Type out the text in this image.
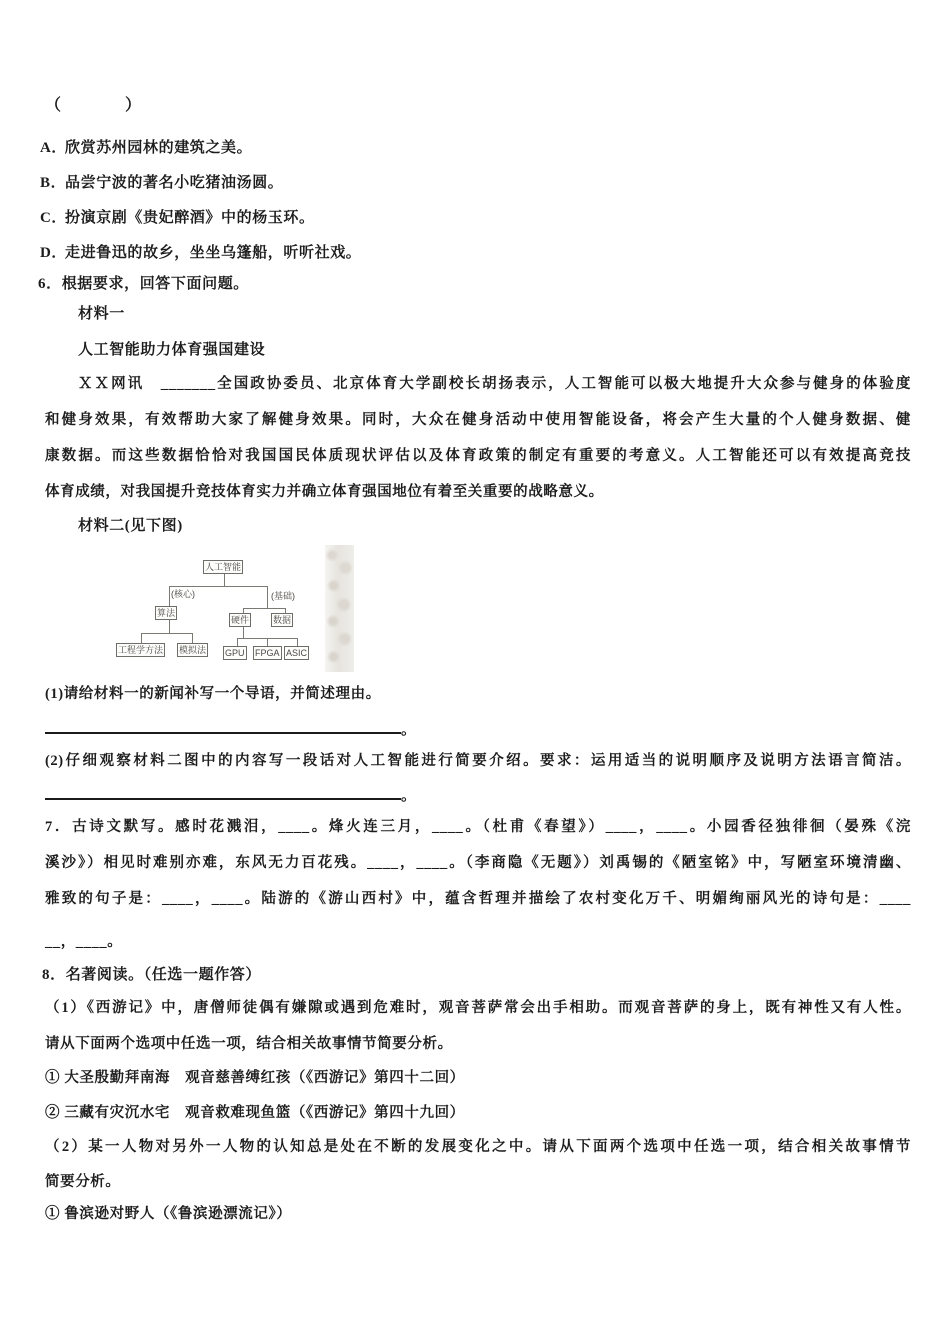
（　　　　）
A．欣赏苏州园林的建筑之美。
B．品尝宁波的著名小吃猪油汤圆。
C．扮演京剧《贵妃醉酒》中的杨玉环。
D．走进鲁迅的故乡，坐坐乌篷船，听听社戏。
6．根据要求，回答下面问题。
材料一
人工智能助力体育强国建设
ＸＸ网讯　_______全国政协委员、北京体育大学副校长胡扬表示，人工智能可以极大地提升大众参与健身的体验度
和健身效果，有效帮助大家了解健身效果。同时，大众在健身活动中使用智能设备，将会产生大量的个人健身数据、健
康数据。而这些数据恰恰对我国国民体质现状评估以及体育政策的制定有重要的考意义。人工智能还可以有效提高竞技
体育成绩，对我国提升竞技体育实力并确立体育强国地位有着至关重要的战略意义。
材料二(见下图)
人工智能
(核心)	(基础)
算法
硬件	数据
工程学方法 模拟法 GPU FPGA ASIC
(1)请给材料一的新闻补写一个导语，并简述理由。
。
(2)仔细观察材料二图中的内容写一段话对人工智能进行简要介绍。要求：运用适当的说明顺序及说明方法语言简洁。
。
7．古诗文默写。感时花溅泪，____。烽火连三月，____。（杜甫《春望》）____，____。小园香径独徘徊（晏殊《浣
溪沙》）相见时难别亦难，东风无力百花残。____，____。（李商隐《无题》）刘禹锡的《陋室铭》中，写陋室环境清幽、
雅致的句子是：____，____。陆游的《游山西村》中，蕴含哲理并描绘了农村变化万千、明媚绚丽风光的诗句是：____
__，____。
8．名著阅读。（任选一题作答）
（1）《西游记》中，唐僧师徒偶有嫌隙或遇到危难时，观音菩萨常会出手相助。而观音菩萨的身上，既有神性又有人性。
请从下面两个选项中任选一项，结合相关故事情节简要分析。
① 大圣殷勤拜南海　观音慈善缚红孩（《西游记》第四十二回）
② 三藏有灾沉水宅　观音救难现鱼篮（《西游记》第四十九回）
（2）某一人物对另外一人物的认知总是处在不断的发展变化之中。请从下面两个选项中任选一项，结合相关故事情节
简要分析。
① 鲁滨逊对野人（《鲁滨逊漂流记》）
